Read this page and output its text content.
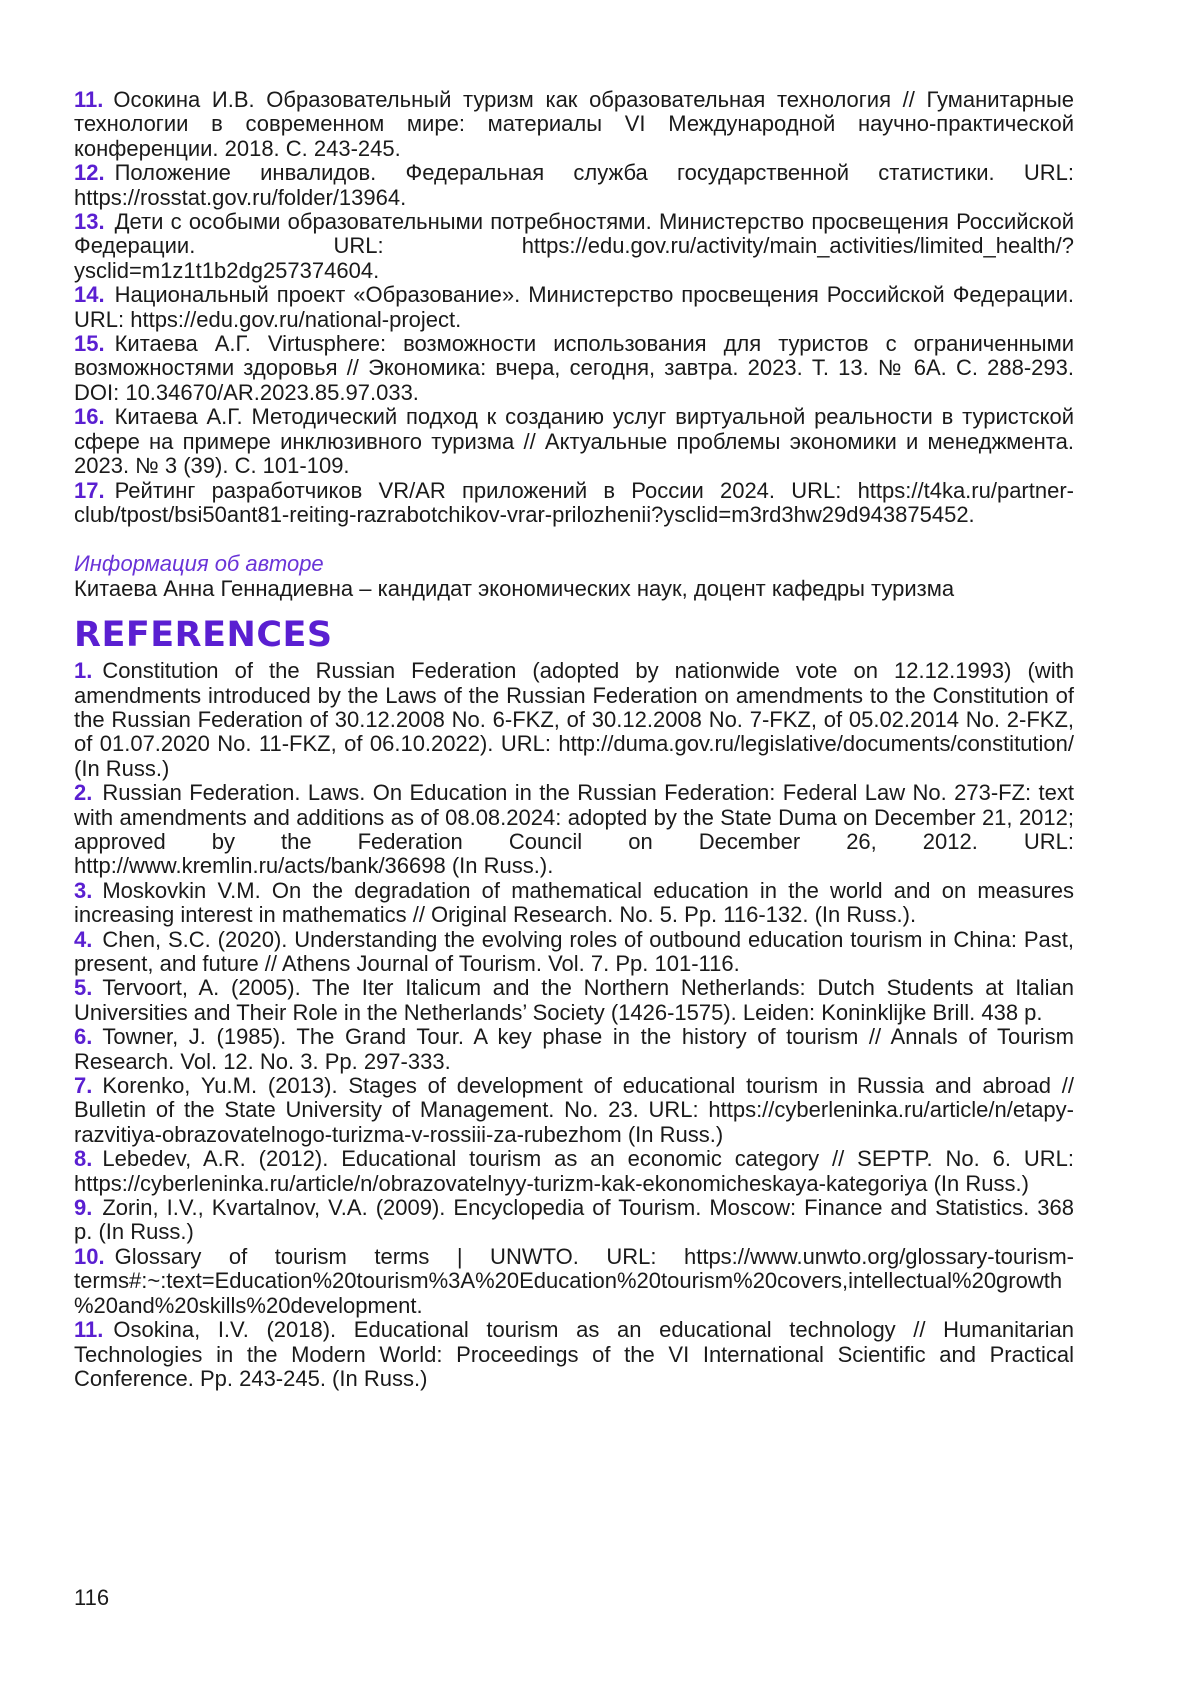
11. Осокина И.В. Образовательный туризм как образовательная технология // Гуманитарные технологии в современном мире: материалы VI Международной научно-практической конференции. 2018. С. 243-245.

12. Положение инвалидов. Федеральная служба государственной статистики. URL: https://rosstat.gov.ru/folder/13964.

13. Дети с особыми образовательными потребностями. Министерство просвещения Российской Федерации. URL: https://edu.gov.ru/activity/main_activities/limited_health/?ysclid=m1z1t1b2dg257374604.

14. Национальный проект «Образование». Министерство просвещения Российской Федерации. URL: https://edu.gov.ru/national-project.

15. Китаева А.Г. Virtusphere: возможности использования для туристов с ограниченными возможностями здоровья // Экономика: вчера, сегодня, завтра. 2023. Т. 13. № 6А. С. 288-293. DOI: 10.34670/AR.2023.85.97.033.

16. Китаева А.Г. Методический подход к созданию услуг виртуальной реальности в туристской сфере на примере инклюзивного туризма // Актуальные проблемы экономики и менеджмента. 2023. № 3 (39). С. 101-109.

17. Рейтинг разработчиков VR/AR приложений в России 2024. URL: https://t4ka.ru/partner-club/tpost/bsi50ant81-reiting-razrabotchikov-vrar-prilozhenii?ysclid=m3rd3hw29d943875452.

Информация об авторе

Китаева Анна Геннадиевна – кандидат экономических наук, доцент кафедры туризма

REFERENCES

1. Constitution of the Russian Federation (adopted by nationwide vote on 12.12.1993) (with amendments introduced by the Laws of the Russian Federation on amendments to the Constitution of the Russian Federation of 30.12.2008 No. 6-FKZ, of 30.12.2008 No. 7-FKZ, of 05.02.2014 No. 2-FKZ, of 01.07.2020 No. 11-FKZ, of 06.10.2022). URL: http://duma.gov.ru/legislative/documents/constitution/ (In Russ.)

2. Russian Federation. Laws. On Education in the Russian Federation: Federal Law No. 273-FZ: text with amendments and additions as of 08.08.2024: adopted by the State Duma on December 21, 2012; approved by the Federation Council on December 26, 2012. URL: http://www.kremlin.ru/acts/bank/36698 (In Russ.).

3. Moskovkin V.M. On the degradation of mathematical education in the world and on measures increasing interest in mathematics // Original Research. No. 5. Pp. 116-132. (In Russ.).

4. Chen, S.C. (2020). Understanding the evolving roles of outbound education tourism in China: Past, present, and future // Athens Journal of Tourism. Vol. 7. Pp. 101-116.

5. Tervoort, A. (2005). The Iter Italicum and the Northern Netherlands: Dutch Students at Italian Universities and Their Role in the Netherlands’ Society (1426-1575). Leiden: Koninklijke Brill. 438 p.

6. Towner, J. (1985). The Grand Tour. A key phase in the history of tourism // Annals of Tourism Research. Vol. 12. No. 3. Pp. 297-333.

7. Korenko, Yu.M. (2013). Stages of development of educational tourism in Russia and abroad // Bulletin of the State University of Management. No. 23. URL: https://cyberleninka.ru/article/n/etapy-razvitiya-obrazovatelnogo-turizma-v-rossiii-za-rubezhom (In Russ.)

8. Lebedev, A.R. (2012). Educational tourism as an economic category // SEPTP. No. 6. URL: https://cyberleninka.ru/article/n/obrazovatelnyy-turizm-kak-ekonomicheskaya-kategoriya (In Russ.)

9. Zorin, I.V., Kvartalnov, V.A. (2009). Encyclopedia of Tourism. Moscow: Finance and Statistics. 368 p. (In Russ.)

10. Glossary of tourism terms | UNWTO. URL: https://www.unwto.org/glossary-tourism-terms#:~:text=Education%20tourism%3A%20Education%20tourism%20covers,intellectual%20growth%20and%20skills%20development.

11. Osokina, I.V. (2018). Educational tourism as an educational technology // Humanitarian Technologies in the Modern World: Proceedings of the VI International Scientific and Practical Conference. Pp. 243-245. (In Russ.)

116
